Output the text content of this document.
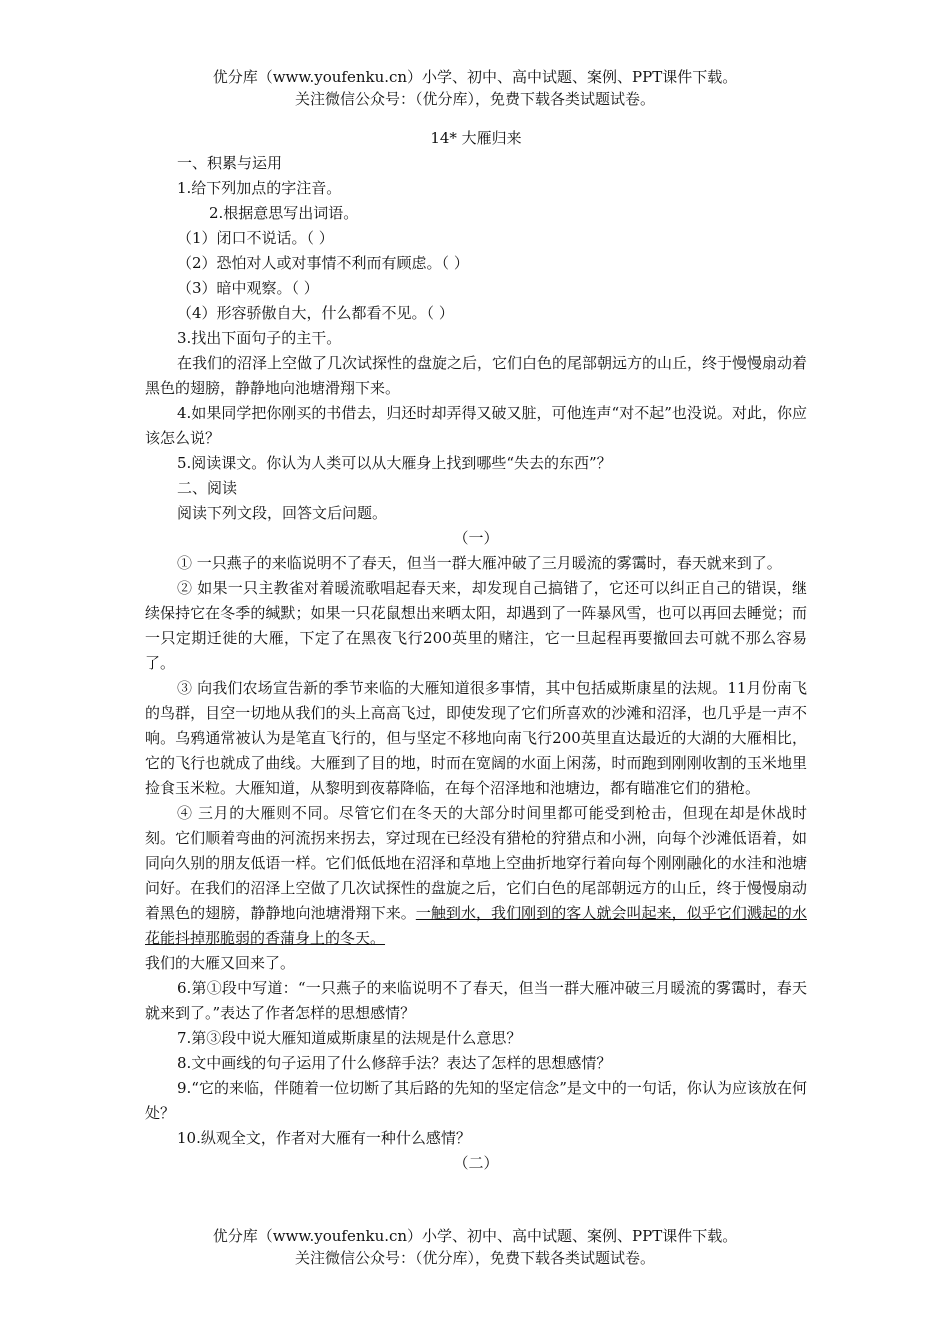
优分库（www.youfenku.cn）小学、初中、高中试题、案例、PPT课件下载。

关注微信公众号：（优分库），免费下载各类试题试卷。

14* 大雁归来

一、积累与运用

1.给下列加点的字注音。

2.根据意思写出词语。

（1）闭口不说话。（ ）

（2）恐怕对人或对事情不利而有顾虑。（ ）

（3）暗中观察。（ ）

（4）形容骄傲自大，什么都看不见。（ ）

3.找出下面句子的主干。

在我们的沼泽上空做了几次试探性的盘旋之后，它们白色的尾部朝远方的山丘，终于慢慢扇动着黑色的翅膀，静静地向池塘滑翔下来。

4.如果同学把你刚买的书借去，归还时却弄得又破又脏，可他连声“对不起”也没说。对此，你应该怎么说？

5.阅读课文。你认为人类可以从大雁身上找到哪些“失去的东西”？

二、阅读

阅读下列文段，回答文后问题。

（一）

① 一只燕子的来临说明不了春天，但当一群大雁冲破了三月暖流的雾霭时，春天就来到了。

② 如果一只主教雀对着暖流歌唱起春天来，却发现自己搞错了，它还可以纠正自己的错误，继续保持它在冬季的缄默；如果一只花鼠想出来晒太阳，却遇到了一阵暴风雪，也可以再回去睡觉；而一只定期迁徙的大雁，下定了在黑夜飞行200英里的赌注，它一旦起程再要撤回去可就不那么容易了。

③ 向我们农场宣告新的季节来临的大雁知道很多事情，其中包括威斯康星的法规。11月份南飞的鸟群，目空一切地从我们的头上高高飞过，即使发现了它们所喜欢的沙滩和沼泽，也几乎是一声不响。乌鸦通常被认为是笔直飞行的，但与坚定不移地向南飞行200英里直达最近的大湖的大雁相比，它的飞行也就成了曲线。大雁到了目的地，时而在宽阔的水面上闲荡，时而跑到刚刚收割的玉米地里捡食玉米粒。大雁知道，从黎明到夜幕降临，在每个沼泽地和池塘边，都有瞄准它们的猎枪。

④ 三月的大雁则不同。尽管它们在冬天的大部分时间里都可能受到枪击，但现在却是休战时刻。它们顺着弯曲的河流拐来拐去，穿过现在已经没有猎枪的狩猎点和小洲，向每个沙滩低语着，如同向久别的朋友低语一样。它们低低地在沼泽和草地上空曲折地穿行着向每个刚刚融化的水洼和池塘问好。在我们的沼泽上空做了几次试探性的盘旋之后，它们白色的尾部朝远方的山丘，终于慢慢扇动着黑色的翅膀，静静地向池塘滑翔下来。一触到水，我们刚到的客人就会叫起来，似乎它们溅起的水花能抖掉那脆弱的香蒲身上的冬天。

我们的大雁又回来了。

6.第①段中写道：“一只燕子的来临说明不了春天，但当一群大雁冲破三月暖流的雾霭时，春天就来到了。”表达了作者怎样的思想感情？

7.第③段中说大雁知道威斯康星的法规是什么意思？

8.文中画线的句子运用了什么修辞手法？表达了怎样的思想感情？

9.“它的来临，伴随着一位切断了其后路的先知的坚定信念”是文中的一句话，你认为应该放在何处？

10.纵观全文，作者对大雁有一种什么感情？

（二）

优分库（www.youfenku.cn）小学、初中、高中试题、案例、PPT课件下载。

关注微信公众号：（优分库），免费下载各类试题试卷。
